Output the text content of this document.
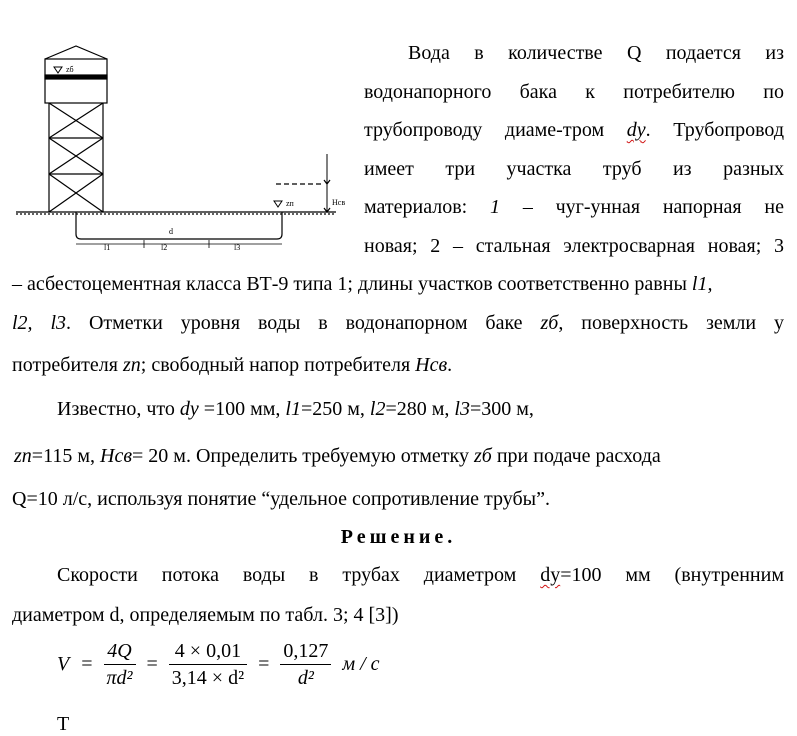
zб
zп	Hсв
d
l1	l2	l3
Вода в количестве Q подается из
водонапорного бака к потребителю по
трубопроводу диаме-тром dу. Трубопровод
имеет три участка труб из разных
материалов: 1 – чуг-унная напорная не
новая; 2 – стальная электросварная новая; 3
– асбестоцементная класса ВТ-9 типа 1; длины участков соответственно равны l1,
l2, l3. Отметки уровня воды в водонапорном баке zб, поверхность земли у
потребителя zп; свободный напор потребителя Hсв.
Известно, что dу =100 мм, l1=250 м, l2=280 м, l3=300 м,
zп=115 м, Hсв= 20 м. Определить требуемую отметку zб при подаче расхода
Q=10 л/с, используя понятие “удельное сопротивление трубы”.
Решение.
Скорости потока воды в трубах диаметром dу=100 мм (внутренним
диаметром d, определяемым по табл. 3; 4 [3])
$V = \frac{4Q}{\text{πd²}} = \frac{4 \times 0,01}{\text{3,14 × d²}} = \frac{0,127}{\text{d²}}$ м / с
Т
